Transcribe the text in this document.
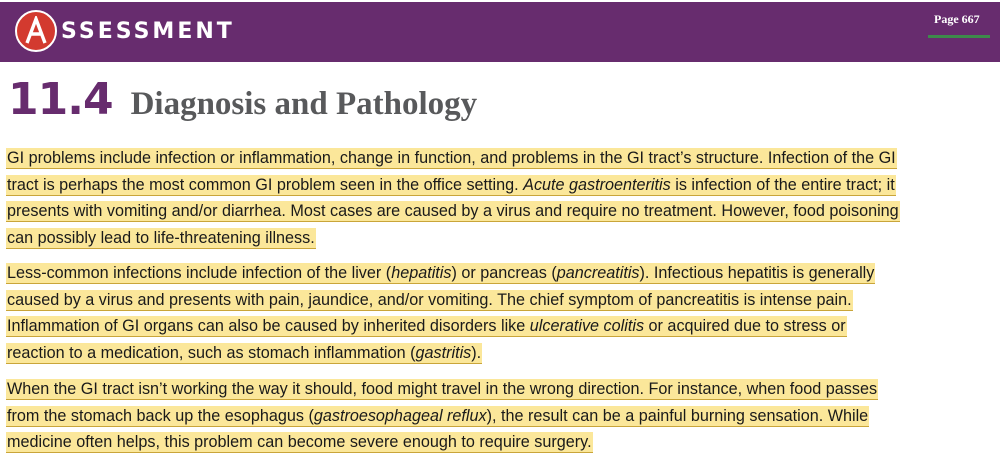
SSESSMENT	Page 667
11.4 Diagnosis and Pathology

GI problems include infection or inflammation, change in function, and problems in the GI tract’s structure. Infection of the GI
tract is perhaps the most common GI problem seen in the office setting. Acute gastroenteritis is infection of the entire tract; it
presents with vomiting and/or diarrhea. Most cases are caused by a virus and require no treatment. However, food poisoning
can possibly lead to life-threatening illness.

Less-common infections include infection of the liver (hepatitis) or pancreas (pancreatitis). Infectious hepatitis is generally
caused by a virus and presents with pain, jaundice, and/or vomiting. The chief symptom of pancreatitis is intense pain.
Inflammation of GI organs can also be caused by inherited disorders like ulcerative colitis or acquired due to stress or
reaction to a medication, such as stomach inflammation (gastritis).

When the GI tract isn’t working the way it should, food might travel in the wrong direction. For instance, when food passes
from the stomach back up the esophagus (gastroesophageal reflux), the result can be a painful burning sensation. While
medicine often helps, this problem can become severe enough to require surgery.
